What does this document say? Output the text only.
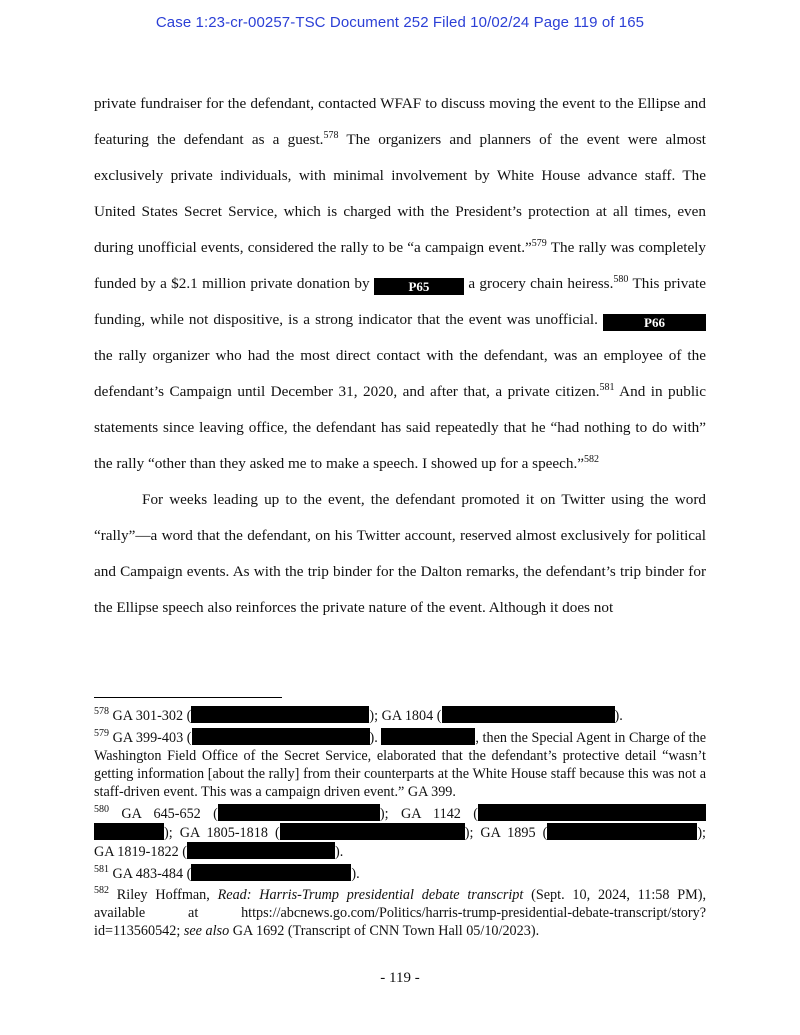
Case 1:23-cr-00257-TSC Document 252 Filed 10/02/24 Page 119 of 165

private fundraiser for the defendant, contacted WFAF to discuss moving the event to the Ellipse and featuring the defendant as a guest.$^{578}$ The organizers and planners of the event were almost exclusively private individuals, with minimal involvement by White House advance staff. The United States Secret Service, which is charged with the President’s protection at all times, even during unofficial events, considered the rally to be “a campaign event.”$^{579}$ The rally was completely funded by a $2.1 million private donation by	P65 a grocery chain heiress.$^{580}$ This private funding, while not dispositive, is a strong indicator that the event was unofficial.	P66 the rally organizer who had the most direct contact with the defendant, was an employee of the defendant’s Campaign until December 31, 2020, and after that, a private citizen.$^{581}$ And in public statements since leaving office, the defendant has said repeatedly that he “had nothing to do with” the rally “other than they asked me to make a speech. I showed up for a speech.”$^{582}$

For weeks leading up to the event, the defendant promoted it on Twitter using the word “rally”—a word that the defendant, on his Twitter account, reserved almost exclusively for political and Campaign events. As with the trip binder for the Dalton remarks, the defendant’s trip binder for the Ellipse speech also reinforces the private nature of the event. Although it does not

$^{578}$ GA 301-302 (	); GA 1804 (	).
$^{579}$ GA 399-403 (	).	, then the Special Agent in Charge of the Washington Field Office of the Secret Service, elaborated that the defendant’s protective detail “wasn’t getting information [about the rally] from their counterparts at the White House staff because this was not a staff-driven event. This was a campaign driven event.” GA 399.
$^{580}$ GA 645-652 (	); GA 1142 ( ); GA 1805-1818 (	); GA 1895 (	); GA 1819-1822 (	).
$^{581}$ GA 483-484 (	).
$^{582}$ Riley Hoffman, Read: Harris-Trump presidential debate transcript (Sept. 10, 2024, 11:58 PM), available at https://abcnews.go.com/Politics/harris-trump-presidential-debate-transcript/story?id=113560542; see also GA 1692 (Transcript of CNN Town Hall 05/10/2023).
- 119 -
